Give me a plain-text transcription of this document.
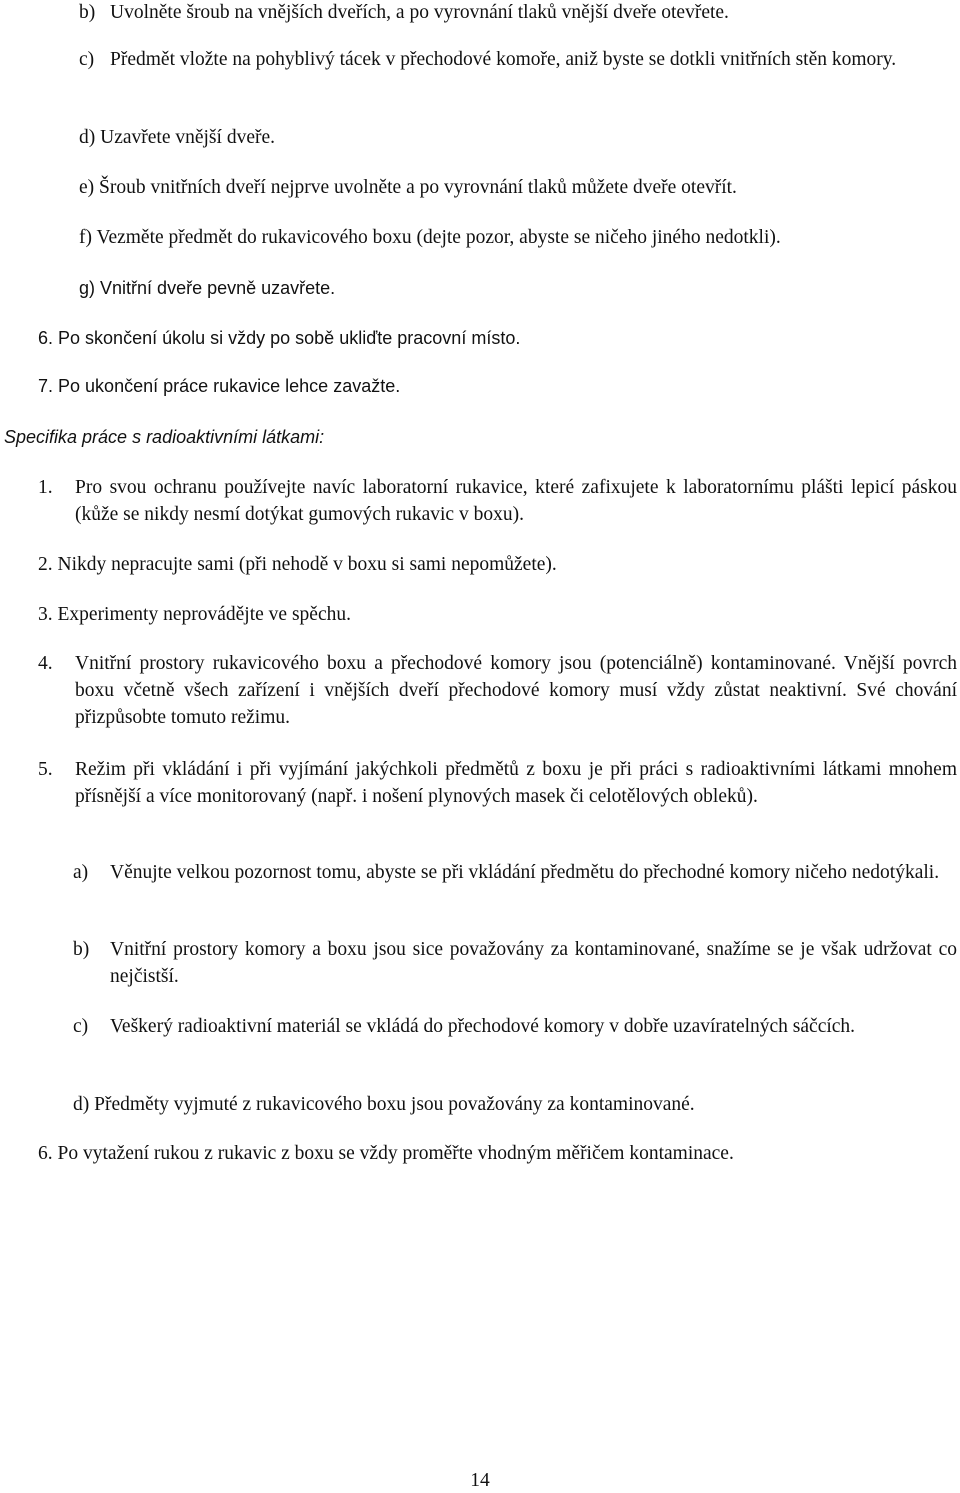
b) Uvolněte šroub na vnějších dveřích, a po vyrovnání tlaků vnější dveře otevřete.
c) Předmět vložte na pohyblivý tácek v přechodové komoře, aniž byste se dotkli vnitřních stěn komory.

d) Uzavřete vnější dveře.

e) Šroub vnitřních dveří nejprve uvolněte a po vyrovnání tlaků můžete dveře otevřít.

f) Vezměte předmět do rukavicového boxu (dejte pozor, abyste se ničeho jiného nedotkli).

g) Vnitřní dveře pevně uzavřete.

6. Po skončení úkolu si vždy po sobě ukliďte pracovní místo.

7. Po ukončení práce rukavice lehce zavažte.

Specifika práce s radioaktivními látkami:

1.	Pro svou ochranu používejte navíc laboratorní rukavice, které zafixujete k laboratornímu plášti lepicí páskou (kůže se nikdy nesmí dotýkat gumových rukavic v boxu).

2. Nikdy nepracujte sami (při nehodě v boxu si sami nepomůžete).

3. Experimenty neprovádějte ve spěchu.

4.	Vnitřní prostory rukavicového boxu a přechodové komory jsou (potenciálně) kontaminované. Vnější povrch boxu včetně všech zařízení i vnějších dveří přechodové komory musí vždy zůstat neaktivní. Své chování přizpůsobte tomuto režimu.
5.	Režim při vkládání i při vyjímání jakýchkoli předmětů z boxu je při práci s radioaktivními látkami mnohem přísnější a více monitorovaný (např. i nošení plynových masek či celotělových obleků).
a)	Věnujte velkou pozornost tomu, abyste se při vkládání předmětu do přechodné komory ničeho nedotýkali.
b)	Vnitřní prostory komory a boxu jsou sice považovány za kontaminované, snažíme se je však udržovat co nejčistší.
c)	Veškerý radioaktivní materiál se vkládá do přechodové komory v dobře uzavíratelných sáčcích.

d) Předměty vyjmuté z rukavicového boxu jsou považovány za kontaminované.

6. Po vytažení rukou z rukavic z boxu se vždy proměřte vhodným měřičem kontaminace.

14
